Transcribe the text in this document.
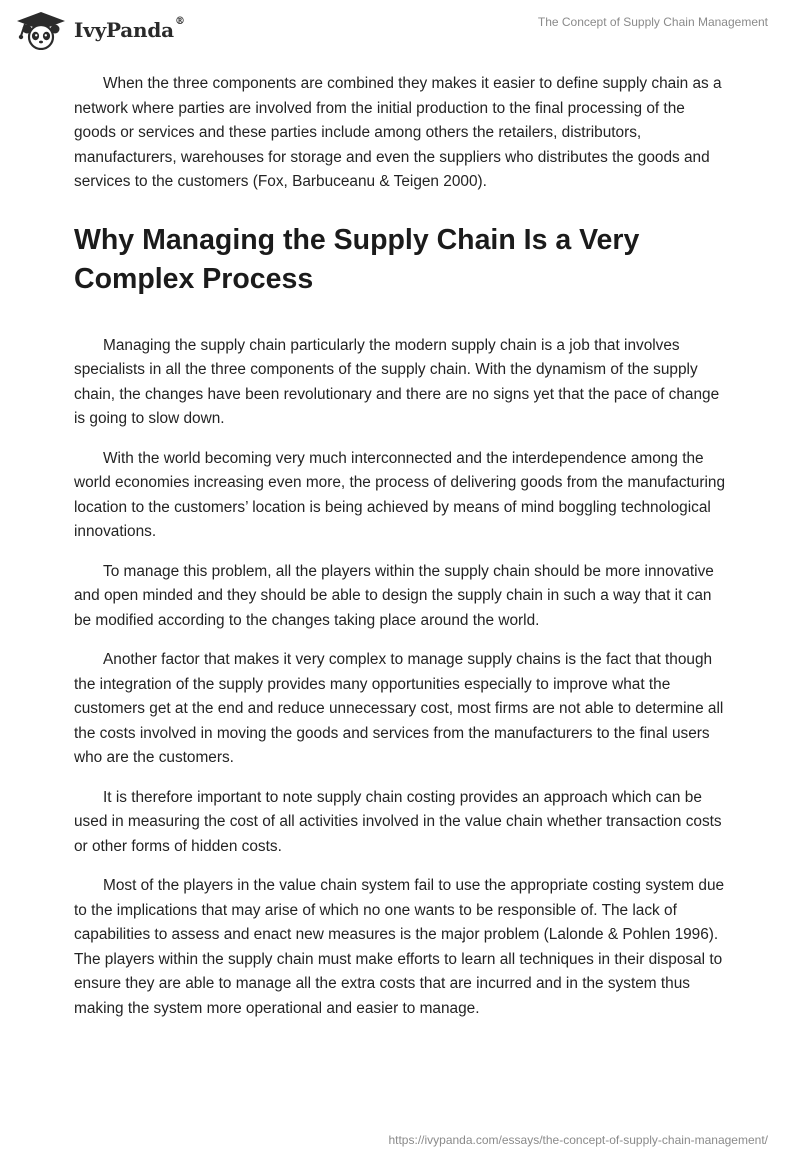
IvyPanda®	The Concept of Supply Chain Management

When the three components are combined they makes it easier to define supply chain as a network where parties are involved from the initial production to the final processing of the goods or services and these parties include among others the retailers, distributors, manufacturers, warehouses for storage and even the suppliers who distributes the goods and services to the customers (Fox, Barbuceanu & Teigen 2000).

Why Managing the Supply Chain Is a Very Complex Process

Managing the supply chain particularly the modern supply chain is a job that involves specialists in all the three components of the supply chain. With the dynamism of the supply chain, the changes have been revolutionary and there are no signs yet that the pace of change is going to slow down.

With the world becoming very much interconnected and the interdependence among the world economies increasing even more, the process of delivering goods from the manufacturing location to the customers’ location is being achieved by means of mind boggling technological innovations.

To manage this problem, all the players within the supply chain should be more innovative and open minded and they should be able to design the supply chain in such a way that it can be modified according to the changes taking place around the world.

Another factor that makes it very complex to manage supply chains is the fact that though the integration of the supply provides many opportunities especially to improve what the customers get at the end and reduce unnecessary cost, most firms are not able to determine all the costs involved in moving the goods and services from the manufacturers to the final users who are the customers.

It is therefore important to note supply chain costing provides an approach which can be used in measuring the cost of all activities involved in the value chain whether transaction costs or other forms of hidden costs.

Most of the players in the value chain system fail to use the appropriate costing system due to the implications that may arise of which no one wants to be responsible of. The lack of capabilities to assess and enact new measures is the major problem (Lalonde & Pohlen 1996). The players within the supply chain must make efforts to learn all techniques in their disposal to ensure they are able to manage all the extra costs that are incurred and in the system thus making the system more operational and easier to manage.

https://ivypanda.com/essays/the-concept-of-supply-chain-management/
